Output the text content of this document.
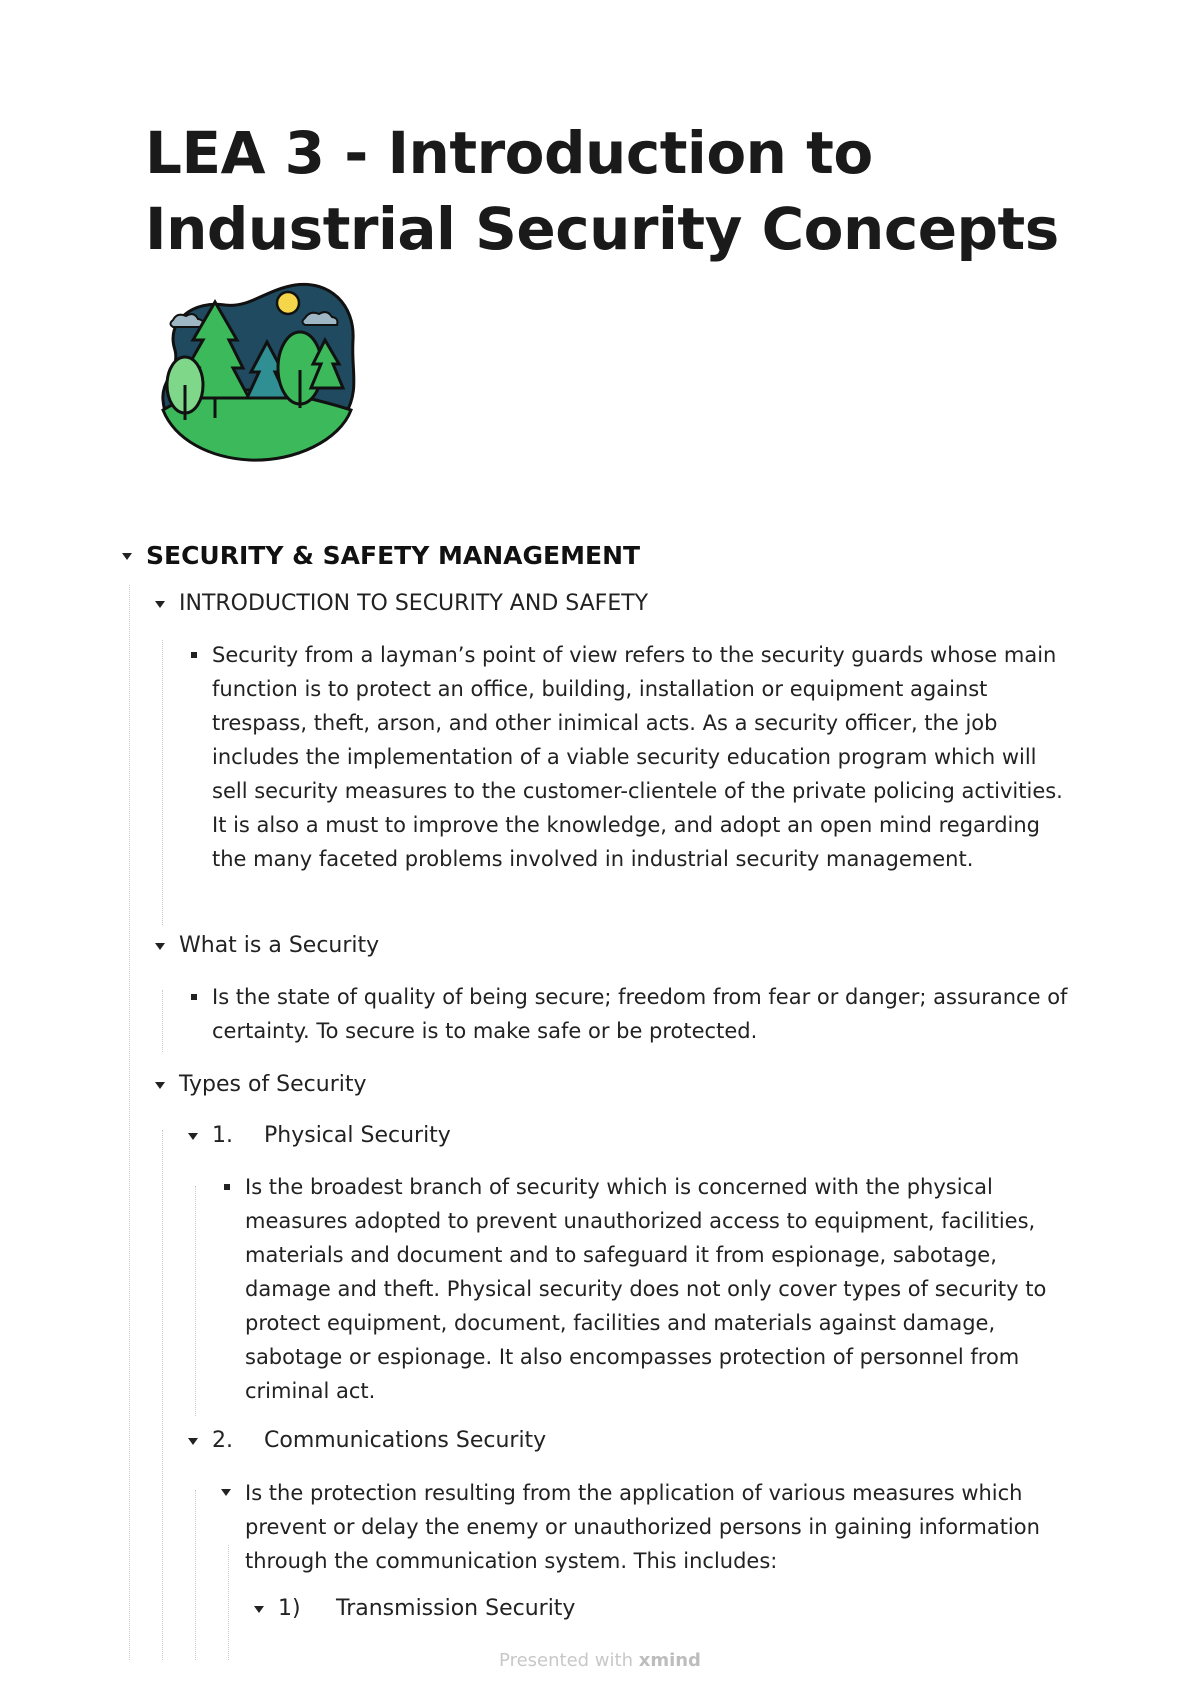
LEA 3 - Introduction to Industrial Security Concepts
SECURITY & SAFETY MANAGEMENT
INTRODUCTION TO SECURITY AND SAFETY
Security from a layman’s point of view refers to the security guards whose main function is to protect an office, building, installation or equipment against trespass, theft, arson, and other inimical acts. As a security officer, the job includes the implementation of a viable security education program which will sell security measures to the customer-clientele of the private policing activities. It is also a must to improve the knowledge, and adopt an open mind regarding the many faceted problems involved in industrial security management.
What is a Security
Is the state of quality of being secure; freedom from fear or danger; assurance of certainty. To secure is to make safe or be protected.
Types of Security
1.	Physical Security
Is the broadest branch of security which is concerned with the physical measures adopted to prevent unauthorized access to equipment, facilities, materials and document and to safeguard it from espionage, sabotage, damage and theft. Physical security does not only cover types of security to protect equipment, document, facilities and materials against damage, sabotage or espionage. It also encompasses protection of personnel from criminal act.
2.	Communications Security
Is the protection resulting from the application of various measures which prevent or delay the enemy or unauthorized persons in gaining information through the communication system. This includes:
1)	Transmission Security
Presented with xmind
